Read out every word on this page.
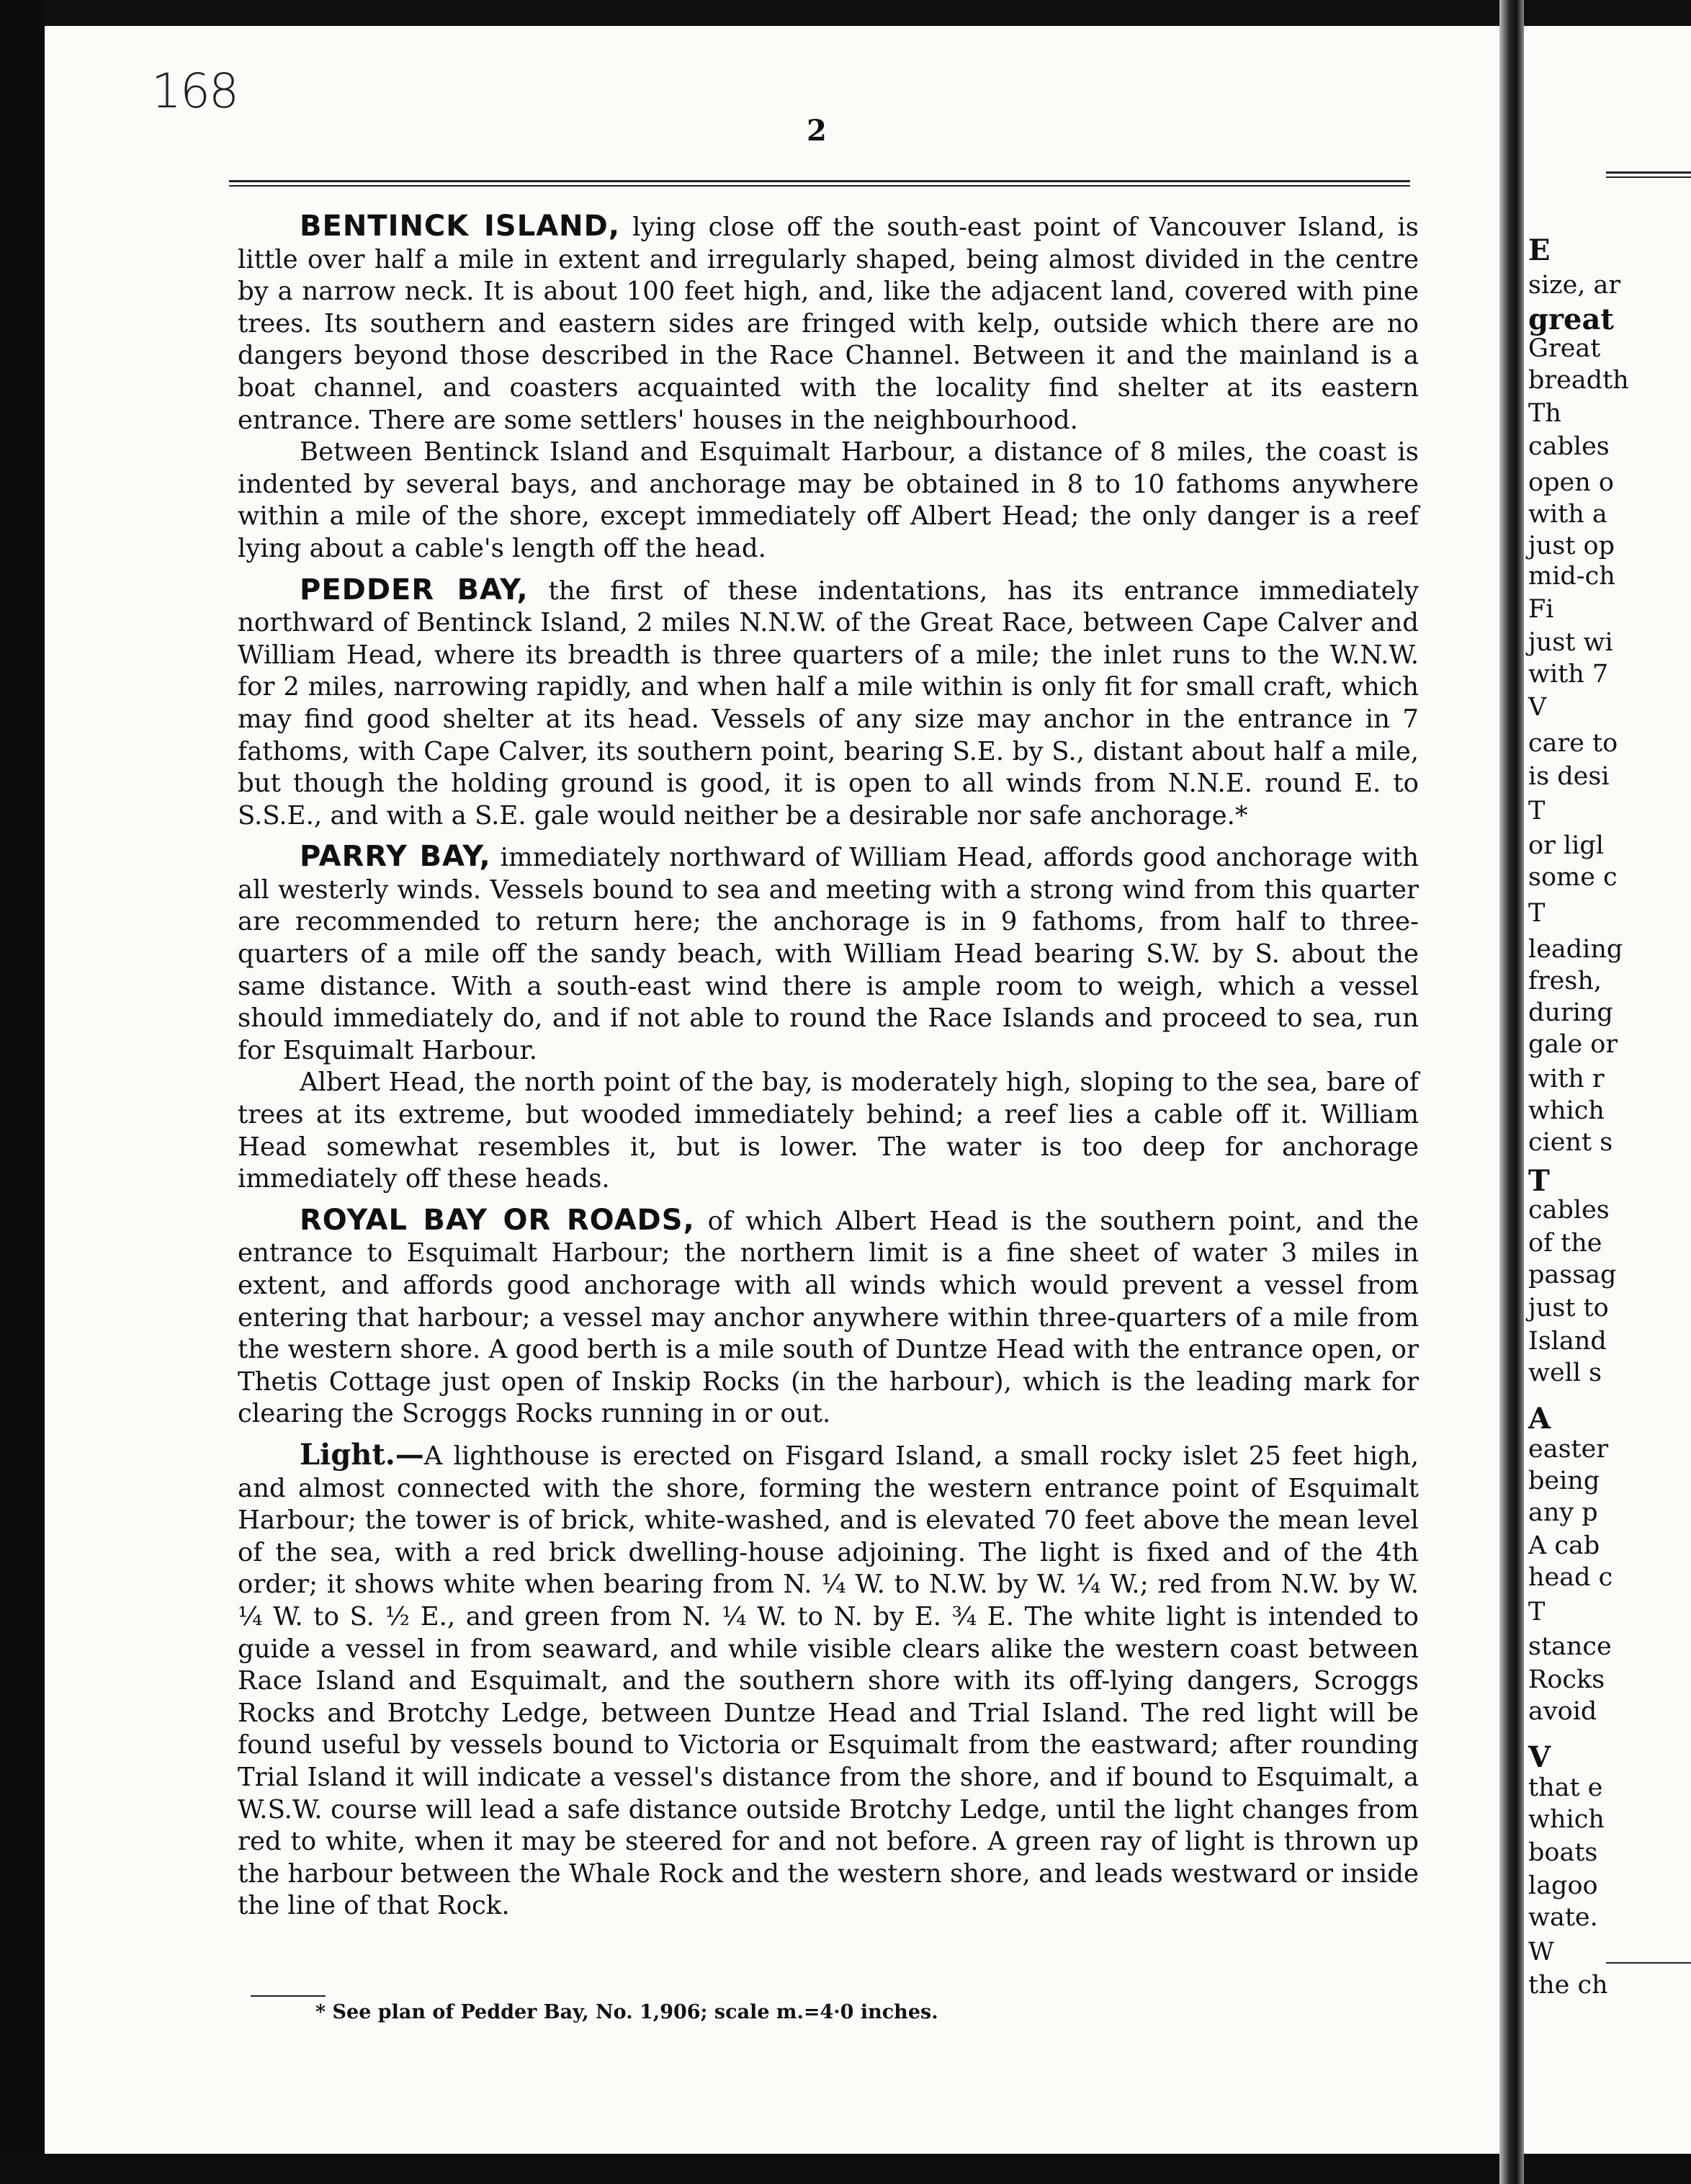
E
size, ar
great
Great
breadth
Th
cables
open o
with a
just op
mid-ch
Fi
just wi
with 7
V
care to
is desi
T
or ligl
some c
T
leading
fresh,
during
gale or
with r
which
cient s
T
cables
of the
passag
just to
Island
well s
A
easter
being
any p
A cab
head c
T
stance
Rocks
avoid
V
that e
which
boats
lagoo
wate.
W
the ch
168
2

BENTINCK ISLAND, lying close off the south-east point of Vancouver Island, is little over half a mile in extent and irregularly shaped, being almost divided in the centre by a narrow neck. It is about 100 feet high, and, like the adjacent land, covered with pine trees. Its southern and eastern sides are fringed with kelp, outside which there are no dangers beyond those described in the Race Channel. Between it and the mainland is a boat channel, and coasters acquainted with the locality find shelter at its eastern entrance. There are some settlers' houses in the neighbourhood.

Between Bentinck Island and Esquimalt Harbour, a distance of 8 miles, the coast is indented by several bays, and anchorage may be obtained in 8 to 10 fathoms anywhere within a mile of the shore, except immediately off Albert Head; the only danger is a reef lying about a cable's length off the head.

PEDDER BAY, the first of these indentations, has its entrance immediately northward of Bentinck Island, 2 miles N.N.W. of the Great Race, between Cape Calver and William Head, where its breadth is three quarters of a mile; the inlet runs to the W.N.W. for 2 miles, narrowing rapidly, and when half a mile within is only fit for small craft, which may find good shelter at its head. Vessels of any size may anchor in the entrance in 7 fathoms, with Cape Calver, its southern point, bearing S.E. by S., distant about half a mile, but though the holding ground is good, it is open to all winds from N.N.E. round E. to S.S.E., and with a S.E. gale would neither be a desirable nor safe anchorage.*

PARRY BAY, immediately northward of William Head, affords good anchorage with all westerly winds. Vessels bound to sea and meeting with a strong wind from this quarter are recommended to return here; the anchorage is in 9 fathoms, from half to three-quarters of a mile off the sandy beach, with William Head bearing S.W. by S. about the same distance. With a south-east wind there is ample room to weigh, which a vessel should immediately do, and if not able to round the Race Islands and proceed to sea, run for Esquimalt Harbour.

Albert Head, the north point of the bay, is moderately high, sloping to the sea, bare of trees at its extreme, but wooded immediately behind; a reef lies a cable off it. William Head somewhat resembles it, but is lower. The water is too deep for anchorage immediately off these heads.

ROYAL BAY OR ROADS, of which Albert Head is the southern point, and the entrance to Esquimalt Harbour; the northern limit is a fine sheet of water 3 miles in extent, and affords good anchorage with all winds which would prevent a vessel from entering that harbour; a vessel may anchor anywhere within three-quarters of a mile from the western shore. A good berth is a mile south of Duntze Head with the entrance open, or Thetis Cottage just open of Inskip Rocks (in the harbour), which is the leading mark for clearing the Scroggs Rocks running in or out.

Light.—A lighthouse is erected on Fisgard Island, a small rocky islet 25 feet high, and almost connected with the shore, forming the western entrance point of Esquimalt Harbour; the tower is of brick, white-washed, and is elevated 70 feet above the mean level of the sea, with a red brick dwelling-house adjoining. The light is fixed and of the 4th order; it shows white when bearing from N. ¼ W. to N.W. by W. ¼ W.; red from N.W. by W. ¼ W. to S. ½ E., and green from N. ¼ W. to N. by E. ¾ E. The white light is intended to guide a vessel in from seaward, and while visible clears alike the western coast between Race Island and Esquimalt, and the southern shore with its off-lying dangers, Scroggs Rocks and Brotchy Ledge, between Duntze Head and Trial Island. The red light will be found useful by vessels bound to Victoria or Esquimalt from the eastward; after rounding Trial Island it will indicate a vessel's distance from the shore, and if bound to Esquimalt, a W.S.W. course will lead a safe distance outside Brotchy Ledge, until the light changes from red to white, when it may be steered for and not before. A green ray of light is thrown up the harbour between the Whale Rock and the western shore, and leads westward or inside the line of that Rock.

* See plan of Pedder Bay, No. 1,906; scale m.=4·0 inches.
